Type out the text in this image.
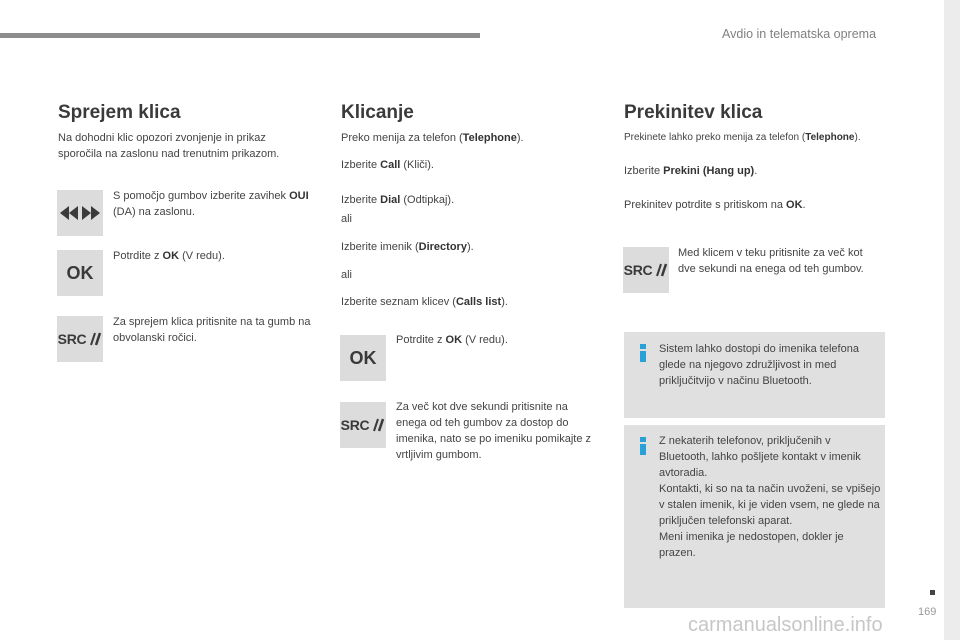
Avdio in telematska oprema
Sprejem klica
Na dohodni klic opozori zvonjenje in prikaz sporočila na zaslonu nad trenutnim prikazom.
S pomočjo gumbov izberite zavihek OUI (DA) na zaslonu.
OK
Potrdite z OK (V redu).
SRC
Za sprejem klica pritisnite na ta gumb na obvolanski ročici.
Klicanje
Preko menija za telefon (Telephone).
Izberite Call (Kliči).
Izberite Dial (Odtipkaj).
ali
Izberite imenik (Directory).
ali
Izberite seznam klicev (Calls list).
OK
Potrdite z OK (V redu).
SRC
Za več kot dve sekundi pritisnite na enega od teh gumbov za dostop do imenika, nato se po imeniku pomikajte z vrtljivim gumbom.
Prekinitev klica
Prekinete lahko preko menija za telefon (Telephone).
Izberite Prekini (Hang up).
Prekinitev potrdite s pritiskom na OK.
SRC
Med klicem v teku pritisnite za več kot dve sekundi na enega od teh gumbov.
Sistem lahko dostopi do imenika telefona glede na njegovo združljivost in med priključitvijo v načinu Bluetooth.
Z nekaterih telefonov, priključenih v Bluetooth, lahko pošljete kontakt v imenik avtoradia.
Kontakti, ki so na ta način uvoženi, se vpišejo v stalen imenik, ki je viden vsem, ne glede na priključen telefonski aparat.
Meni imenika je nedostopen, dokler je prazen.
169
carmanualsonline.info
